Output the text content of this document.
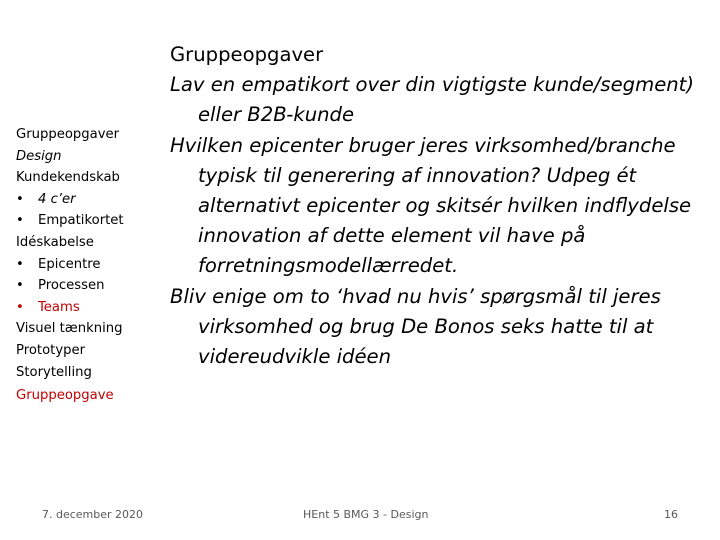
Gruppeopgaver
Design
Kundekendskab
• 4 c’er
• Empatikortet
Idéskabelse
• Epicentre
• Processen
• Teams
Visuel tænkning
Prototyper
Storytelling
Gruppeopgave
Gruppeopgaver
Lav en empatikort over din vigtigste kunde/segment) eller B2B-kunde
Hvilken epicenter bruger jeres virksomhed/branche typisk til generering af innovation? Udpeg ét alternativt epicenter og skitsér hvilken indflydelse innovation af dette element vil have på forretningsmodellærredet.
Bliv enige om to ‘hvad nu hvis’ spørgsmål til jeres virksomhed og brug De Bonos seks hatte til at videreudvikle idéen
7. december 2020	HEnt 5 BMG 3 - Design	16
